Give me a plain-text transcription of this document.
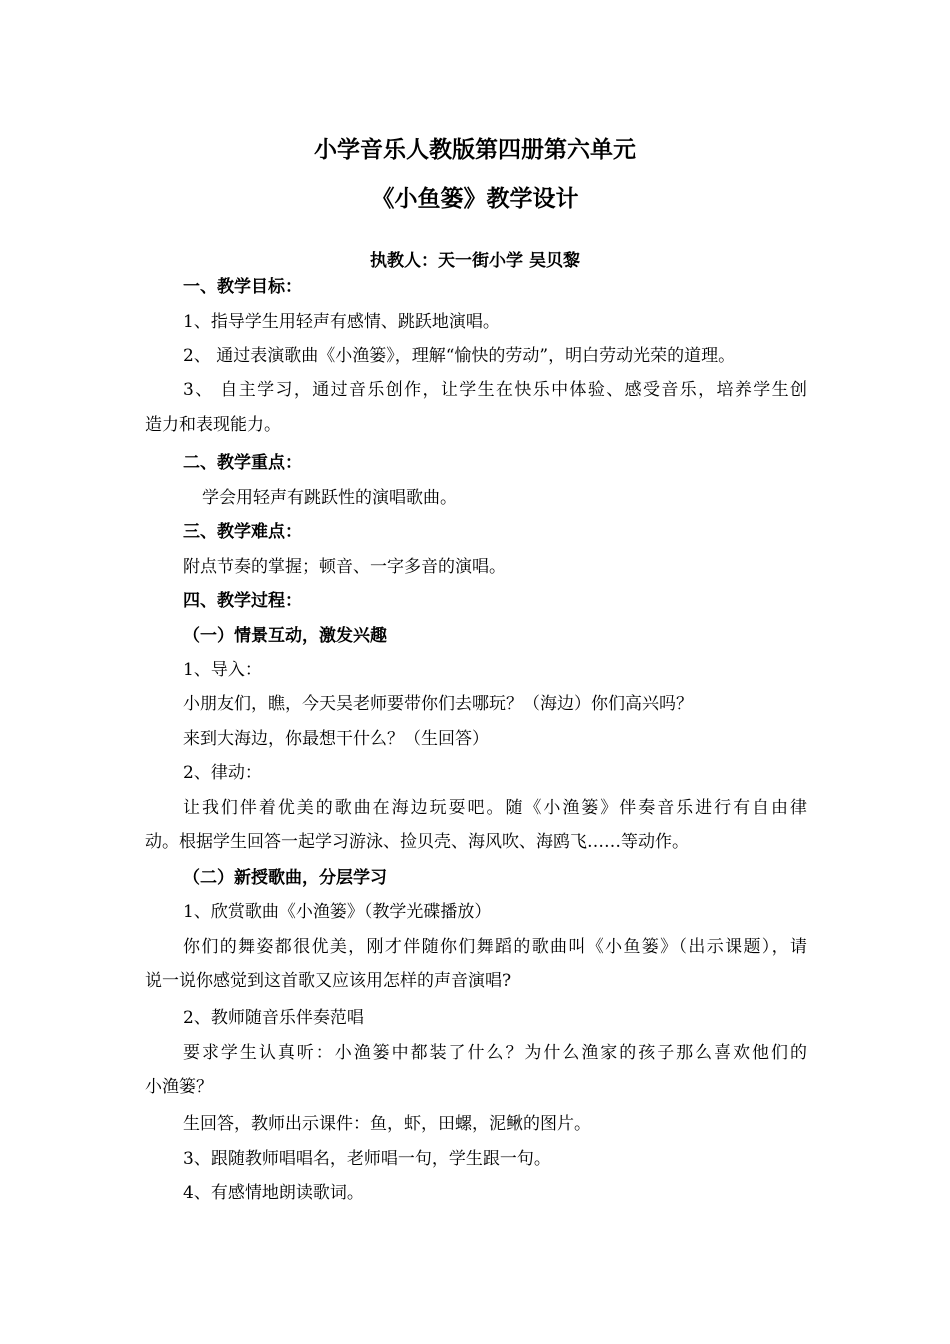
小学音乐人教版第四册第六单元
《小鱼篓》教学设计
执教人：天一街小学 吴贝黎
一、教学目标：
1、指导学生用轻声有感情、跳跃地演唱。
2、 通过表演歌曲《小渔篓》，理解“愉快的劳动”，明白劳动光荣的道理。
3、 自主学习，通过音乐创作，让学生在快乐中体验、感受音乐，培养学生创
造力和表现能力。
二、教学重点：
学会用轻声有跳跃性的演唱歌曲。
三、教学难点：
附点节奏的掌握；顿音、一字多音的演唱。
四、教学过程：
（一）情景互动，激发兴趣
1、导入：
小朋友们，瞧，今天吴老师要带你们去哪玩？（海边）你们高兴吗？
来到大海边，你最想干什么？（生回答）
2、律动：
让我们伴着优美的歌曲在海边玩耍吧。随《小渔篓》伴奏音乐进行有自由律
动。根据学生回答一起学习游泳、捡贝壳、海风吹、海鸥飞……等动作。
（二）新授歌曲，分层学习
1、欣赏歌曲《小渔篓》（教学光碟播放）
你们的舞姿都很优美，刚才伴随你们舞蹈的歌曲叫《小鱼篓》（出示课题），请
说一说你感觉到这首歌又应该用怎样的声音演唱?
2、教师随音乐伴奏范唱
要求学生认真听：小渔篓中都装了什么？为什么渔家的孩子那么喜欢他们的
小渔篓？
生回答，教师出示课件：鱼，虾，田螺，泥鳅的图片。
3、跟随教师唱唱名，老师唱一句，学生跟一句。
4、有感情地朗读歌词。
